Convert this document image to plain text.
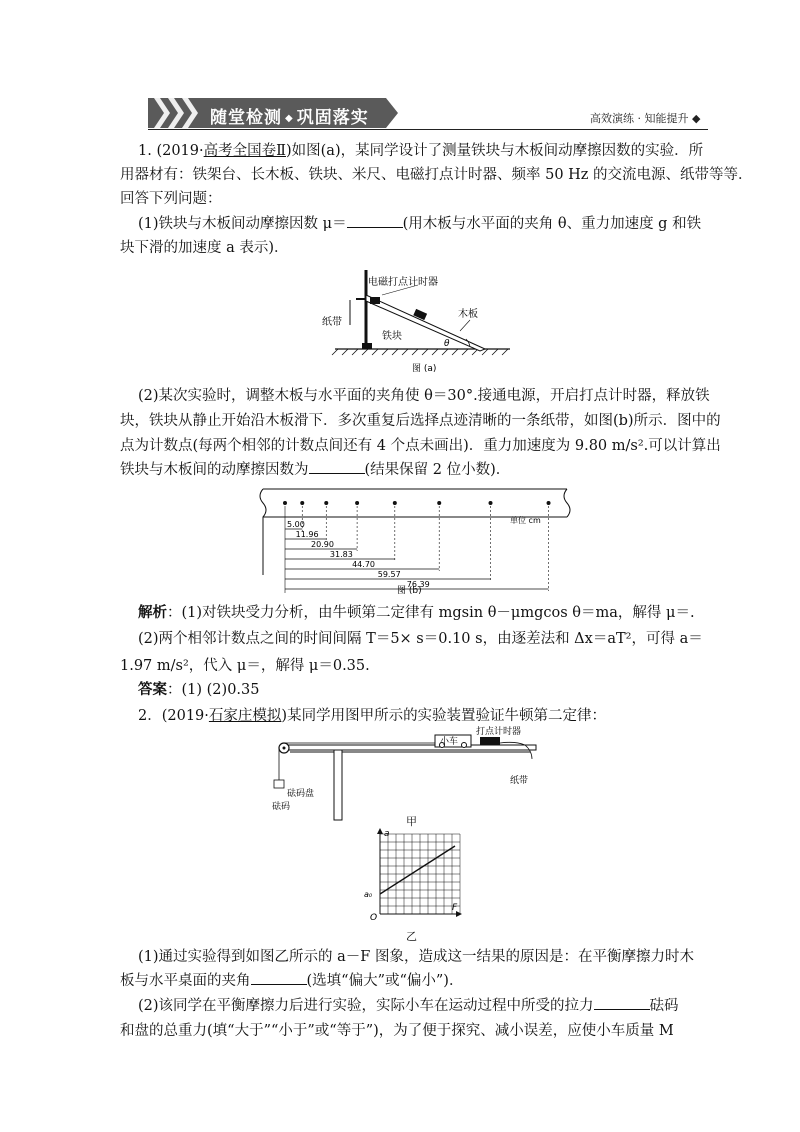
随堂检测 ◆ 巩固落实	高效演练 · 知能提升 ◆
1. (2019·高考全国卷Ⅱ)如图(a)，某同学设计了测量铁块与木板间动摩擦因数的实验．所
用器材有：铁架台、长木板、铁块、米尺、电磁打点计时器、频率 50 Hz 的交流电源、纸带等等．
回答下列问题：
(1)铁块与木板间动摩擦因数 μ＝	(用木板与水平面的夹角 θ、重力加速度 g 和铁
块下滑的加速度 a 表示)．
电磁打点计时器
纸带
铁块
木板
θ
图 (a)
(2)某次实验时，调整木板与水平面的夹角使 θ＝30°.接通电源，开启打点计时器，释放铁
块，铁块从静止开始沿木板滑下．多次重复后选择点迹清晰的一条纸带，如图(b)所示．图中的
点为计数点(每两个相邻的计数点间还有 4 个点未画出)．重力加速度为 9.80 m/s².可以计算出
铁块与木板间的动摩擦因数为	(结果保留 2 位小数)．
5.00
11.96
20.90
31.83
44.70
59.57
76.39
单位 cm
图 (b)
解析：(1)对铁块受力分析，由牛顿第二定律有 mgsin θ－μmgcos θ＝ma，解得 μ＝.
(2)两个相邻计数点之间的时间间隔 T＝5× s＝0.10 s，由逐差法和 Δx＝aT²，可得 a＝
1.97 m/s²，代入 μ＝，解得 μ＝0.35.
答案：(1) (2)0.35
2．(2019·石家庄模拟)某同学用图甲所示的实验装置验证牛顿第二定律：
小车
打点计时器
纸带
砝码盘
砝码
甲
a
F
O
a₀
乙
(1)通过实验得到如图乙所示的 a－F 图象，造成这一结果的原因是：在平衡摩擦力时木
板与水平桌面的夹角	(选填“偏大”或“偏小”)．
(2)该同学在平衡摩擦力后进行实验，实际小车在运动过程中所受的拉力	砝码
和盘的总重力(填“大于”“小于”或“等于”)，为了便于探究、减小误差，应使小车质量 M
